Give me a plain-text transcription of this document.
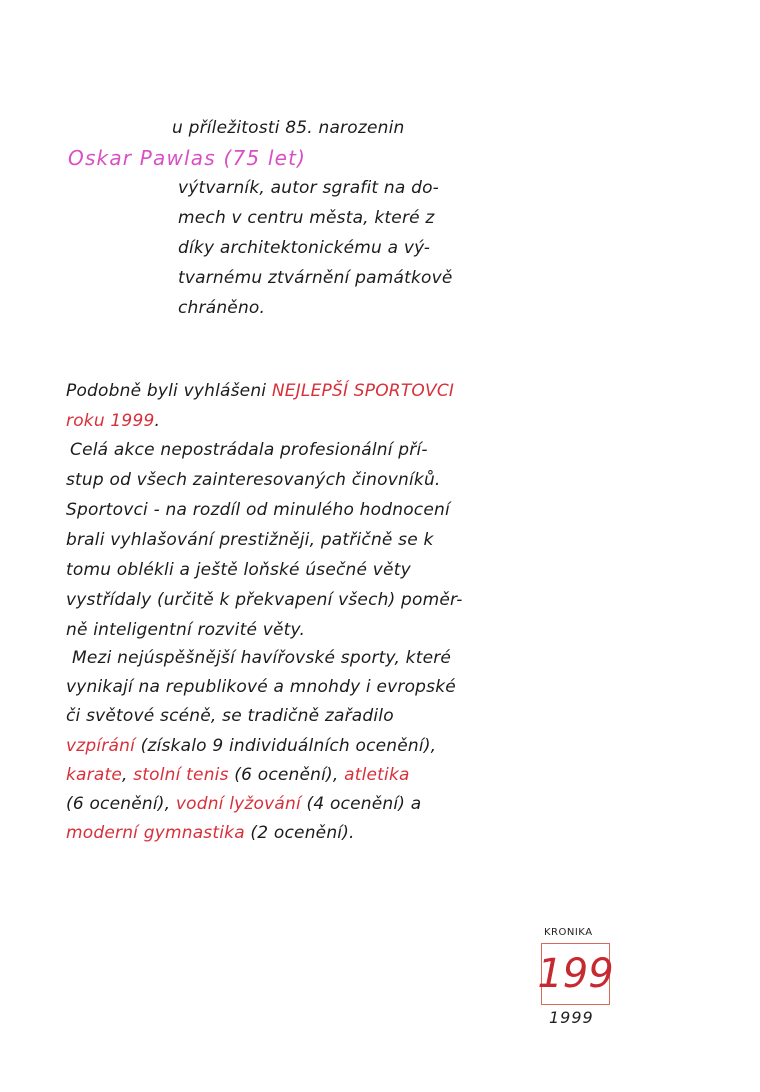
u příležitosti 85. narozenin
Oskar Pawlas (75 let)
výtvarník, autor sgrafit na do-
mech v centru města, které z
díky architektonickému a vý-
tvarnému ztvárnění památkově
chráněno.
Podobně byli vyhlášeni NEJLEPŠÍ SPORTOVCI
roku 1999.
Celá akce nepostrádala profesionální pří-
stup od všech zainteresovaných činovníků.
Sportovci - na rozdíl od minulého hodnocení
brali vyhlašování prestižněji, patřičně se k
tomu oblékli a ještě loňské úsečné věty
vystřídaly (určitě k překvapení všech) poměr-
ně inteligentní rozvité věty.
Mezi nejúspěšnější havířovské sporty, které
vynikají na republikové a mnohdy i evropské
či světové scéně, se tradičně zařadilo
vzpírání (získalo 9 individuálních ocenění),
karate, stolní tenis (6 ocenění), atletika
(6 ocenění), vodní lyžování (4 ocenění) a
moderní gymnastika (2 ocenění).
KRONIKA
199
1999
